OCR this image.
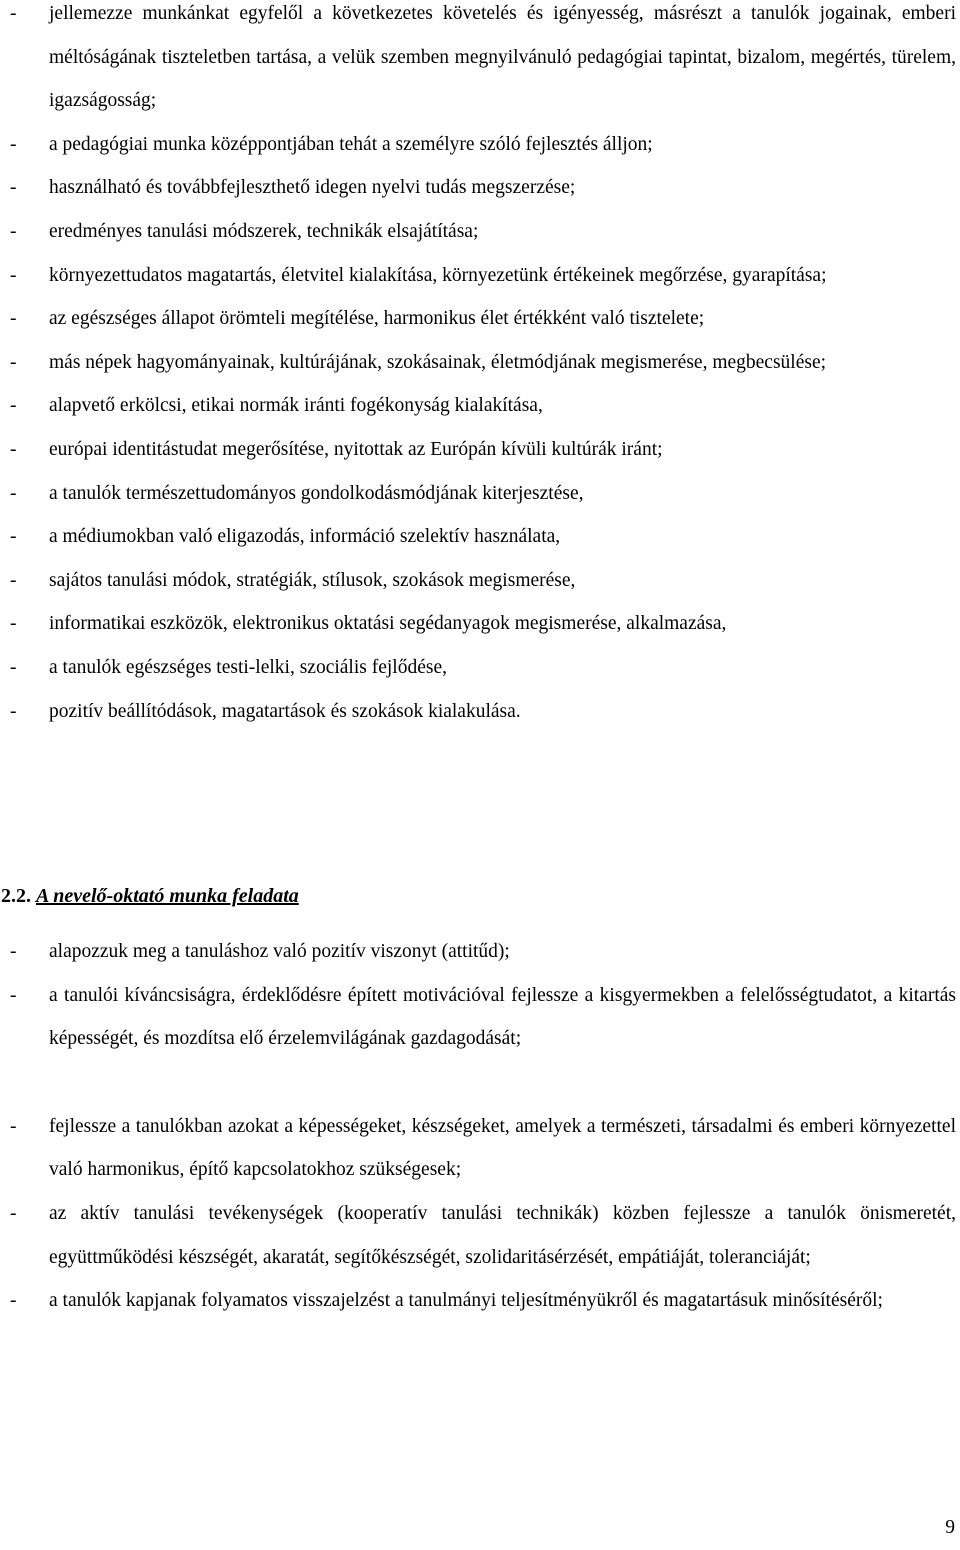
- jellemezze munkánkat egyfelől a következetes követelés és igényesség, másrészt a tanulók jogainak, emberi méltóságának tiszteletben tartása, a velük szemben megnyilvánuló pedagógiai tapintat, bizalom, megértés, türelem, igazságosság;
- a pedagógiai munka középpontjában tehát a személyre szóló fejlesztés álljon;
- használható és továbbfejleszthető idegen nyelvi tudás megszerzése;
- eredményes tanulási módszerek, technikák elsajátítása;
- környezettudatos magatartás, életvitel kialakítása, környezetünk értékeinek megőrzése, gyarapítása;
- az egészséges állapot örömteli megítélése, harmonikus élet értékként való tisztelete;
- más népek hagyományainak, kultúrájának, szokásainak, életmódjának megismerése, megbecsülése;
- alapvető erkölcsi, etikai normák iránti fogékonyság kialakítása,
- európai identitástudat megerősítése, nyitottak az Európán kívüli kultúrák iránt;
- a tanulók természettudományos gondolkodásmódjának kiterjesztése,
- a médiumokban való eligazodás, információ szelektív használata,
- sajátos tanulási módok, stratégiák, stílusok, szokások megismerése,
- informatikai eszközök, elektronikus oktatási segédanyagok megismerése, alkalmazása,
- a tanulók egészséges testi-lelki, szociális fejlődése,
- pozitív beállítódások, magatartások és szokások kialakulása.
2.2. A nevelő-oktató munka feladata
- alapozzuk meg a tanuláshoz való pozitív viszonyt (attitűd);
- a tanulói kíváncsiságra, érdeklődésre épített motivációval fejlessze a kisgyermekben a felelősségtudatot, a kitartás képességét, és mozdítsa elő érzelemvilágának gazdagodását;
- fejlessze a tanulókban azokat a képességeket, készségeket, amelyek a természeti, társadalmi és emberi környezettel való harmonikus, építő kapcsolatokhoz szükségesek;
- az aktív tanulási tevékenységek (kooperatív tanulási technikák) közben fejlessze a tanulók önismeretét, együttműködési készségét, akaratát, segítőkészségét, szolidaritásérzését, empátiáját, toleranciáját;
- a tanulók kapjanak folyamatos visszajelzést a tanulmányi teljesítményükről és magatartásuk minősítéséről;
9
